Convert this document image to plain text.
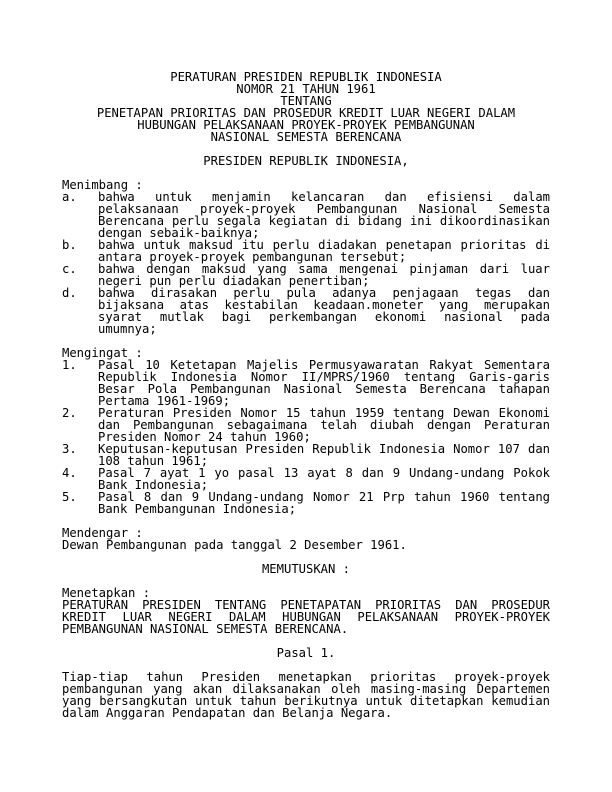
PERATURAN PRESIDEN REPUBLIK INDONESIA
NOMOR 21 TAHUN 1961
TENTANG
PENETAPAN PRIORITAS DAN PROSEDUR KREDIT LUAR NEGERI DALAM
HUBUNGAN PELAKSANAAN PROYEK-PROYEK PEMBANGUNAN
NASIONAL SEMESTA BERENCANA
PRESIDEN REPUBLIK INDONESIA,
Menimbang :
a. bahwa untuk menjamin kelancaran dan efisiensi dalam pelaksanaan proyek-proyek Pembangunan Nasional Semesta Berencana perlu segala kegiatan di bidang ini dikoordinasikan dengan sebaik-baiknya;
b. bahwa untuk maksud itu perlu diadakan penetapan prioritas di antara proyek-proyek pembangunan tersebut;
c. bahwa dengan maksud yang sama mengenai pinjaman dari luar negeri pun perlu diadakan penertiban;
d. bahwa dirasakan perlu pula adanya penjagaan tegas dan bijaksana atas kestabilan keadaan.moneter yang merupakan syarat mutlak bagi perkembangan ekonomi nasional pada umumnya;
Mengingat :
1. Pasal 10 Ketetapan Majelis Permusyawaratan Rakyat Sementara Republik Indonesia Nomor II/MPRS/1960 tentang Garis-garis Besar Pola Pembangunan Nasional Semesta Berencana tahapan Pertama 1961-1969;
2. Peraturan Presiden Nomor 15 tahun 1959 tentang Dewan Ekonomi dan Pembangunan sebagaimana telah diubah dengan Peraturan Presiden Nomor 24 tahun 1960;
3. Keputusan-keputusan Presiden Republik Indonesia Nomor 107 dan 108 tahun 1961;
4. Pasal 7 ayat 1 yo pasal 13 ayat 8 dan 9 Undang-undang Pokok Bank Indonesia;
5. Pasal 8 dan 9 Undang-undang Nomor 21 Prp tahun 1960 tentang Bank Pembangunan Indonesia;
Mendengar :
Dewan Pembangunan pada tanggal 2 Desember 1961.
MEMUTUSKAN :
Menetapkan :
PERATURAN PRESIDEN TENTANG PENETAPATAN PRIORITAS DAN PROSEDUR KREDIT LUAR NEGERI DALAM HUBUNGAN PELAKSANAAN PROYEK-PROYEK PEMBANGUNAN NASIONAL SEMESTA BERENCANA.
Pasal 1.
Tiap-tiap tahun Presiden menetapkan prioritas proyek-proyek pembangunan yang akan dilaksanakan oleh masing-masing Departemen yang bersangkutan untuk tahun berikutnya untuk ditetapkan kemudian dalam Anggaran Pendapatan dan Belanja Negara.
